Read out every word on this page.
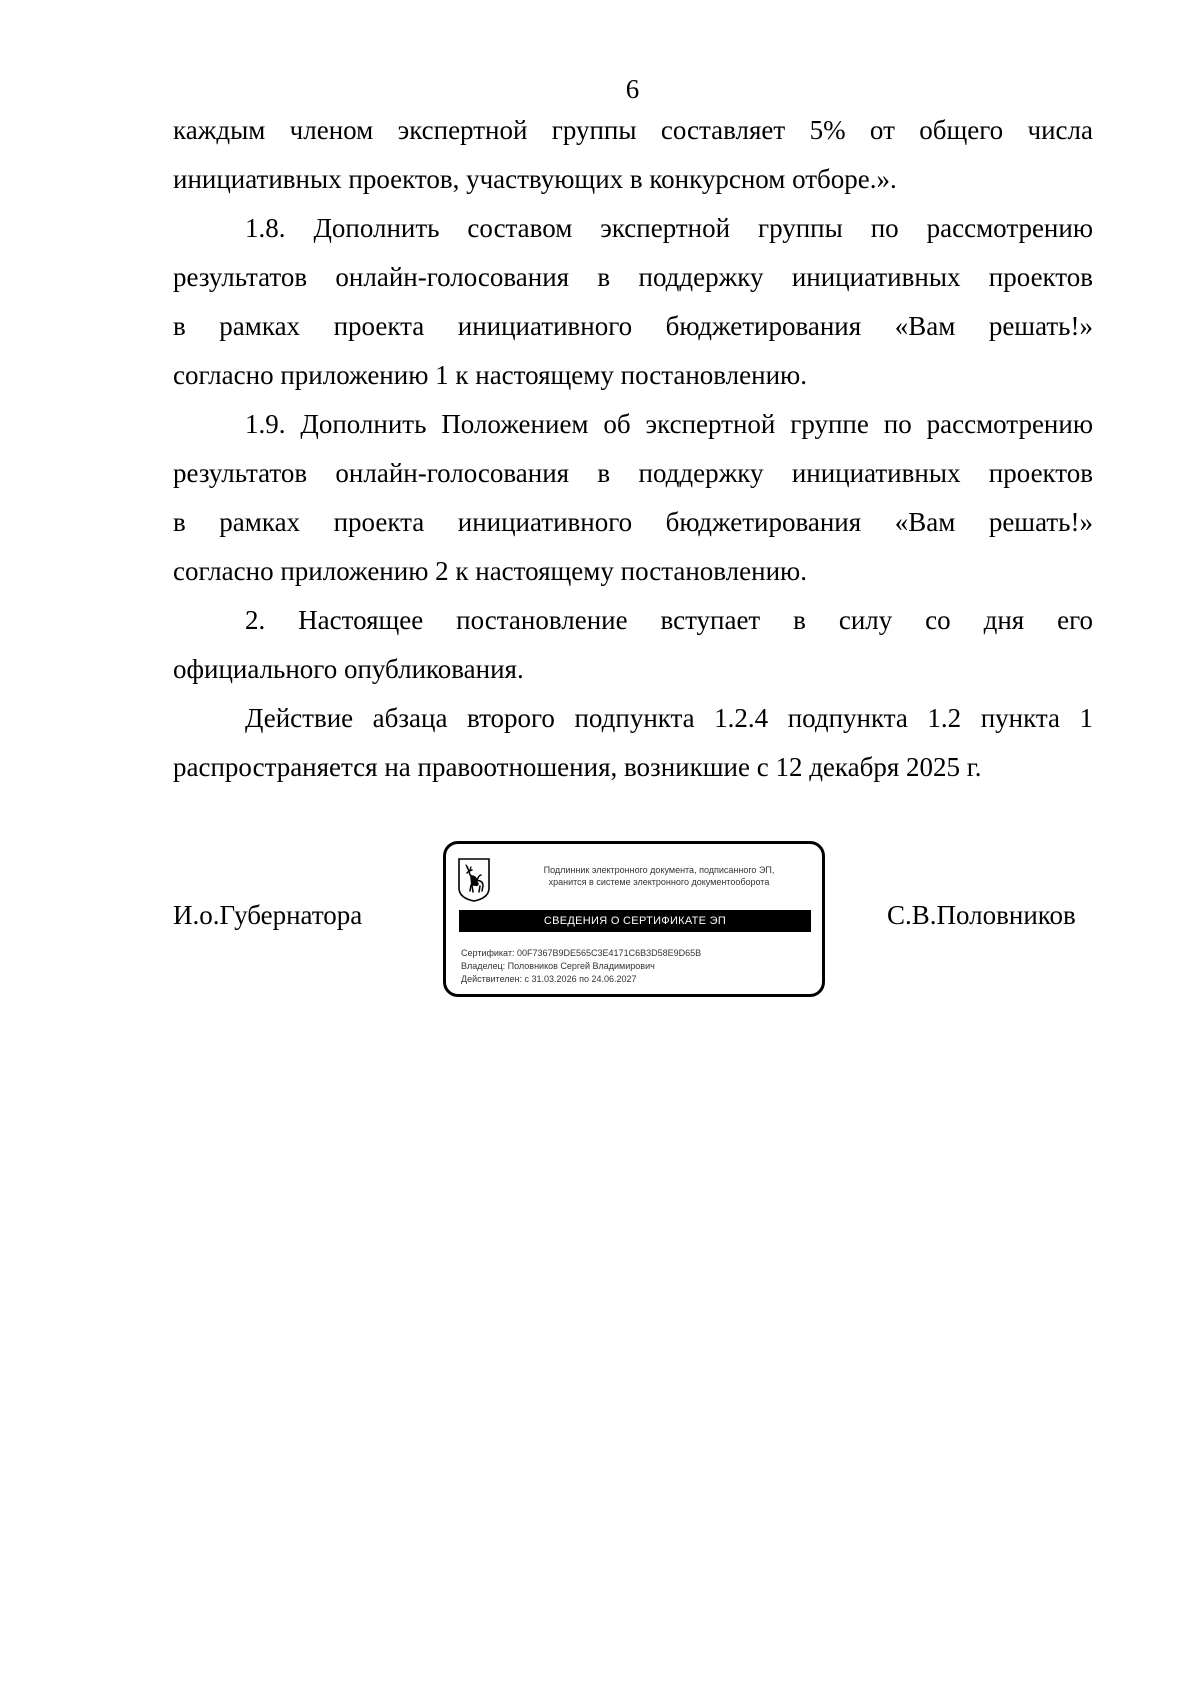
6

каждым членом экспертной группы составляет 5% от общего числа
инициативных проектов, участвующих в конкурсном отборе.».

1.8. Дополнить составом экспертной группы по рассмотрению
результатов онлайн-голосования в поддержку инициативных проектов
в рамках проекта инициативного бюджетирования «Вам решать!»
согласно приложению 1 к настоящему постановлению.

1.9. Дополнить Положением об экспертной группе по рассмотрению
результатов онлайн-голосования в поддержку инициативных проектов
в рамках проекта инициативного бюджетирования «Вам решать!»
согласно приложению 2 к настоящему постановлению.

2. Настоящее постановление вступает в силу со дня его
официального опубликования.

Действие абзаца второго подпункта 1.2.4 подпункта 1.2 пункта 1
распространяется на правоотношения, возникшие с 12 декабря 2025 г.

И.о.Губернатора
Подлинник электронного документа, подписанного ЭП,
хранится в системе электронного документооборота
СВЕДЕНИЯ О СЕРТИФИКАТЕ ЭП
Сертификат: 00F7367B9DE565C3E4171C6B3D58E9D65B
Владелец: Половников Сергей Владимирович
Действителен: с 31.03.2026 по 24.06.2027
С.В.Половников
